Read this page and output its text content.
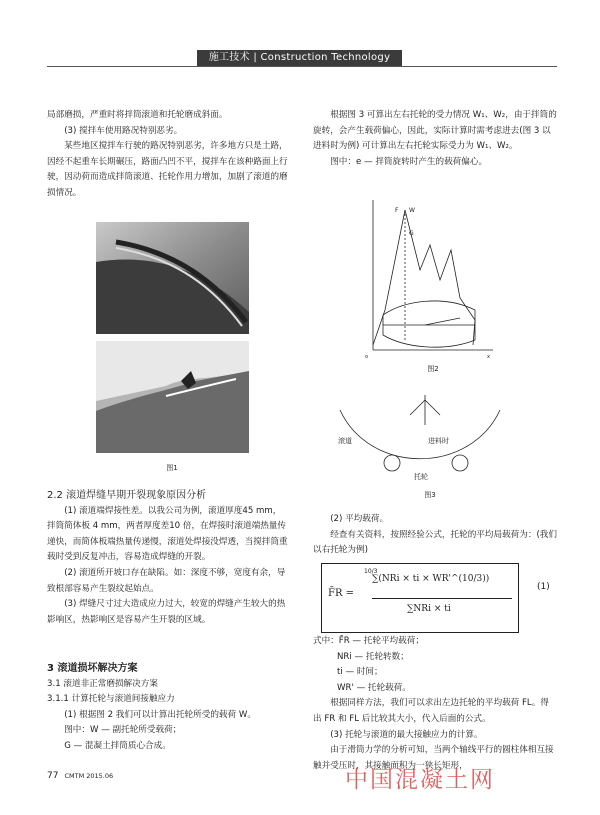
施工技术 | Construction Technology

局部磨损，严重时将拌筒滚道和托轮磨成斜面。

(3) 搅拌车使用路况特别恶劣。

某些地区搅拌车行驶的路况特别恶劣，许多地方只是土路，因经不起重车长期碾压，路面凸凹不平，搅拌车在该种路面上行驶，因动荷而造成拌筒滚道、托轮作用力增加，加剧了滚道的磨损情况。

图1

2.2 滚道焊缝早期开裂现象原因分析

(1) 滚道端焊接性差。以我公司为例，滚道厚度45 mm，拌筒简体板 4 mm，两者厚度差10 倍，在焊接时滚道端热量传递快，而简体板端热量传递慢，滚道处焊接没焊透，当搅拌筒重载时受到反复冲击，容易造成焊缝的开裂。

(2) 滚道所开坡口存在缺陷。如：深度不够，宽度有余，导致根部容易产生裂纹起始点。

(3) 焊缝尺寸过大造成应力过大，较宽的焊缝产生较大的热影响区，热影响区是容易产生开裂的区域。

3 滚道损坏解决方案

3.1 滚道非正常磨损解决方案

3.1.1 计算托轮与滚道间接触应力

(1) 根据图 2 我们可以计算出托轮所受的载荷 W。

图中：W — 副托轮所受载荷；

G — 混凝土拌筒质心合成。

根据图 3 可算出左右托轮的受力情况 W₁、W₂，由于拌筒的旋转，会产生载荷偏心，因此，实际计算时需考虑进去(图 3 以进料时为例) 可计算出左右托轮实际受力为 W₁、W₂。

图中：e — 拌筒旋转时产生的载荷偏心。

F W
G
o	x
图2
滚道	进料时
托轮
图3

(2) 平均载荷。

经查有关资料，按照经验公式，托轮的平均局载荷为：(我们以右托轮为例)

F̄R =
10/3
∑(NRi × ti × WR'^(10/3))
∑NRi × ti
(1)

式中：F̄R — 托轮平均载荷；

NRi — 托轮转数；

ti — 时间；

WR' — 托轮载荷。

根据同样方法，我们可以求出左边托轮的平均载荷 FL。得出 FR 和 FL 后比较其大小，代入后面的公式。

(3) 托轮与滚道的最大接触应力的计算。

由于滑筒力学的分析可知，当两个轴线平行的圆柱体相互接触并受压时，其接触面积为一狭长矩形，

77 CMTM 2015.06	中国混凝土网
